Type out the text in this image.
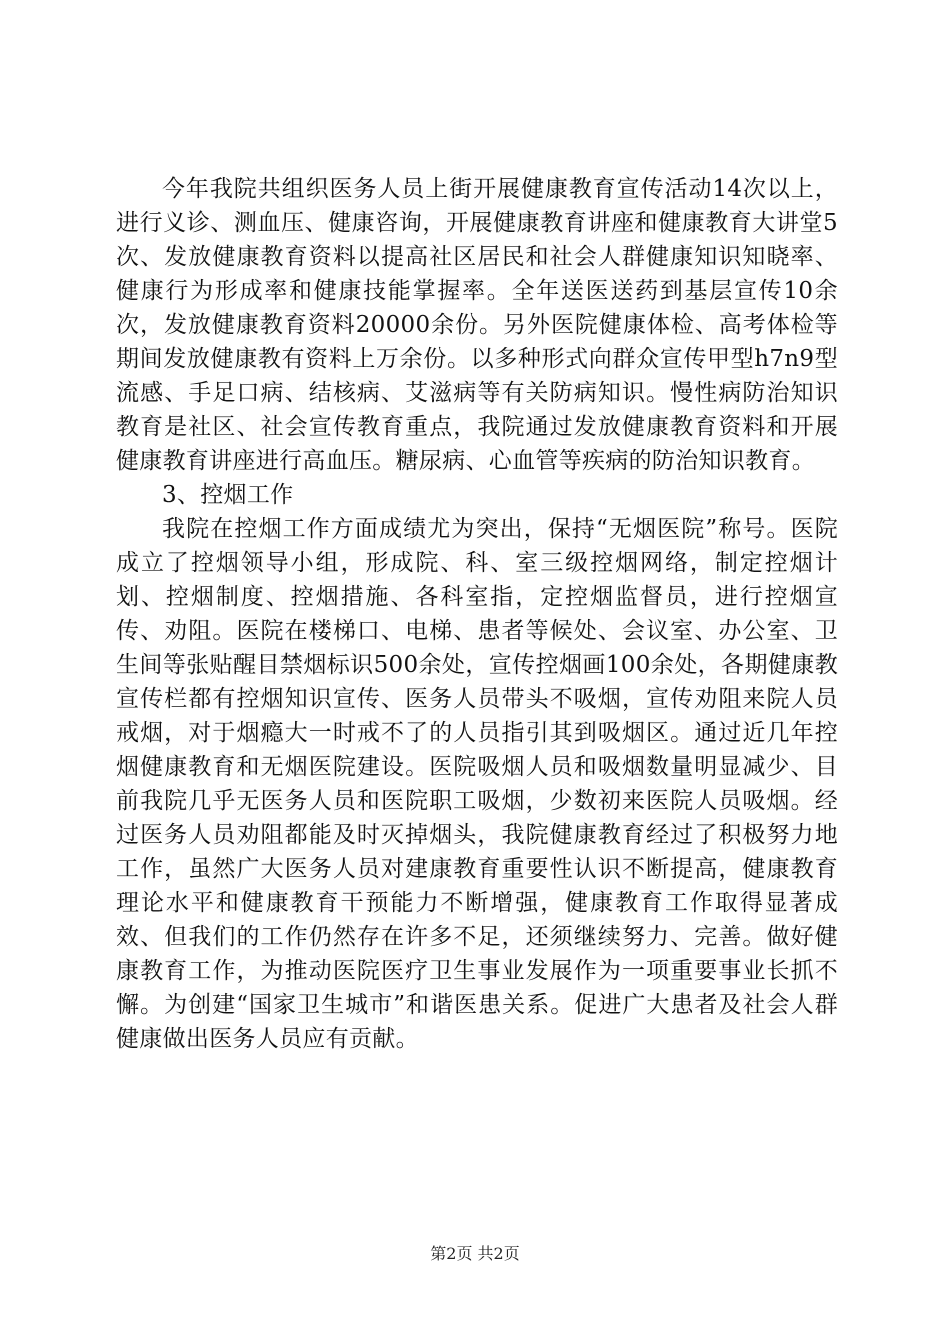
今年我院共组织医务人员上街开展健康教育宣传活动14次以上，进行义诊、测血压、健康咨询，开展健康教育讲座和健康教育大讲堂5次、发放健康教育资料以提高社区居民和社会人群健康知识知晓率、健康行为形成率和健康技能掌握率。全年送医送药到基层宣传10余次，发放健康教育资料20000余份。另外医院健康体检、高考体检等期间发放健康教有资料上万余份。以多种形式向群众宣传甲型h7n9型流感、手足口病、结核病、艾滋病等有关防病知识。慢性病防治知识教育是社区、社会宣传教育重点，我院通过发放健康教育资料和开展健康教育讲座进行高血压。糖尿病、心血管等疾病的防治知识教育。

3、控烟工作

我院在控烟工作方面成绩尤为突出，保持“无烟医院”称号。医院成立了控烟领导小组，形成院、科、室三级控烟网络，制定控烟计划、控烟制度、控烟措施、各科室指，定控烟监督员，进行控烟宣传、劝阻。医院在楼梯口、电梯、患者等候处、会议室、办公室、卫生间等张贴醒目禁烟标识500余处，宣传控烟画100余处，各期健康教宣传栏都有控烟知识宣传、医务人员带头不吸烟，宣传劝阻来院人员戒烟，对于烟瘾大一时戒不了的人员指引其到吸烟区。通过近几年控烟健康教育和无烟医院建设。医院吸烟人员和吸烟数量明显减少、目前我院几乎无医务人员和医院职工吸烟，少数初来医院人员吸烟。经过医务人员劝阻都能及时灭掉烟头，我院健康教育经过了积极努力地工作，虽然广大医务人员对建康教育重要性认识不断提高，健康教育理论水平和健康教育干预能力不断增强，健康教育工作取得显著成效、但我们的工作仍然存在许多不足，还须继续努力、完善。做好健康教育工作，为推动医院医疗卫生事业发展作为一项重要事业长抓不懈。为创建“国家卫生城市”和谐医患关系。促进广大患者及社会人群健康做出医务人员应有贡献。

第2页 共2页
